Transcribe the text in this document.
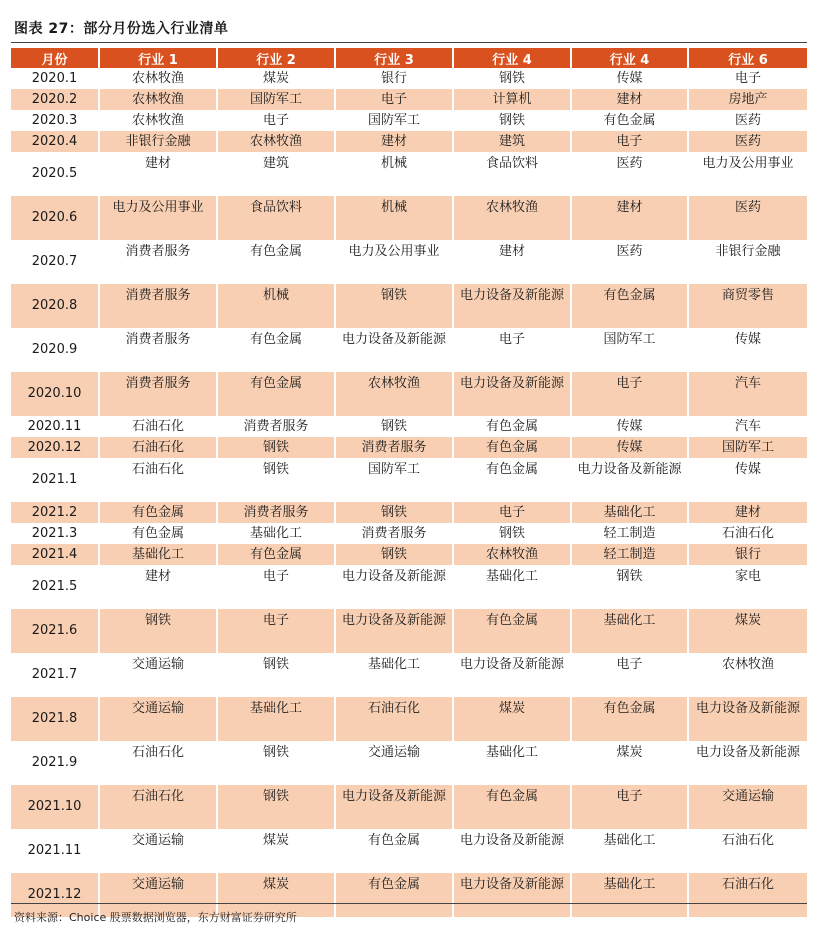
图表 27：部分月份选入行业清单
月份	行业 1	行业 2	行业 3	行业 4	行业 4	行业 6
2020.1	农林牧渔	煤炭	银行	钢铁	传媒	电子
2020.2	农林牧渔	国防军工	电子	计算机	建材	房地产
2020.3	农林牧渔	电子	国防军工	钢铁	有色金属	医药
2020.4	非银行金融	农林牧渔	建材	建筑	电子	医药
2020.5	建材	建筑	机械	食品饮料	医药	电力及公用事业
2020.6	电力及公用事业	食品饮料	机械	农林牧渔	建材	医药
2020.7	消费者服务	有色金属	电力及公用事业	建材	医药	非银行金融
2020.8	消费者服务	机械	钢铁	电力设备及新能源	有色金属	商贸零售
2020.9	消费者服务	有色金属	电力设备及新能源	电子	国防军工	传媒
2020.10	消费者服务	有色金属	农林牧渔	电力设备及新能源	电子	汽车
2020.11	石油石化	消费者服务	钢铁	有色金属	传媒	汽车
2020.12	石油石化	钢铁	消费者服务	有色金属	传媒	国防军工
2021.1	石油石化	钢铁	国防军工	有色金属	电力设备及新能源	传媒
2021.2	有色金属	消费者服务	钢铁	电子	基础化工	建材
2021.3	有色金属	基础化工	消费者服务	钢铁	轻工制造	石油石化
2021.4	基础化工	有色金属	钢铁	农林牧渔	轻工制造	银行
2021.5	建材	电子	电力设备及新能源	基础化工	钢铁	家电
2021.6	钢铁	电子	电力设备及新能源	有色金属	基础化工	煤炭
2021.7	交通运输	钢铁	基础化工	电力设备及新能源	电子	农林牧渔
2021.8	交通运输	基础化工	石油石化	煤炭	有色金属	电力设备及新能源
2021.9	石油石化	钢铁	交通运输	基础化工	煤炭	电力设备及新能源
2021.10	石油石化	钢铁	电力设备及新能源	有色金属	电子	交通运输
2021.11	交通运输	煤炭	有色金属	电力设备及新能源	基础化工	石油石化
2021.12	交通运输	煤炭	有色金属	电力设备及新能源	基础化工	石油石化
资料来源：Choice 股票数据浏览器，东方财富证券研究所
